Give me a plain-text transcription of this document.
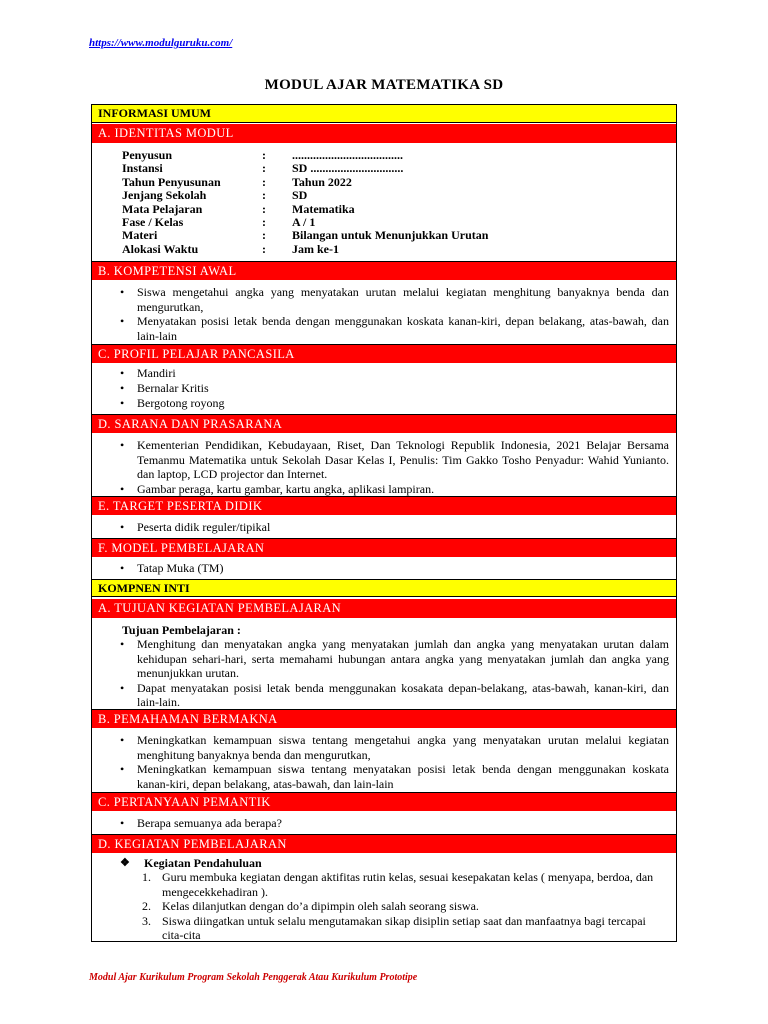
https://www.modulguruku.com/
MODUL AJAR MATEMATIKA SD
INFORMASI UMUM
A. IDENTITAS MODUL
Penyusun	: .....................................
Instansi	: SD ...............................
Tahun Penyusunan	: Tahun 2022
Jenjang Sekolah	: SD
Mata Pelajaran	: Matematika
Fase / Kelas	: A / 1
Materi	: Bilangan untuk Menunjukkan Urutan
Alokasi Waktu	: Jam ke-1
B. KOMPETENSI AWAL
• Siswa mengetahui angka yang menyatakan urutan melalui kegiatan menghitung banyaknya benda dan mengurutkan,
• Menyatakan posisi letak benda dengan menggunakan koskata kanan-kiri, depan belakang, atas-bawah, dan lain-lain
C. PROFIL PELAJAR PANCASILA
• Mandiri
• Bernalar Kritis
• Bergotong royong
D. SARANA DAN PRASARANA
• Kementerian Pendidikan, Kebudayaan, Riset, Dan Teknologi Republik Indonesia, 2021 Belajar Bersama Temanmu Matematika untuk Sekolah Dasar Kelas I, Penulis: Tim Gakko Tosho Penyadur: Wahid Yunianto. dan laptop, LCD projector dan Internet.
• Gambar peraga, kartu gambar, kartu angka, aplikasi lampiran.
E. TARGET PESERTA DIDIK
• Peserta didik reguler/tipikal
F. MODEL PEMBELAJARAN
• Tatap Muka (TM)
KOMPNEN INTI
A. TUJUAN KEGIATAN PEMBELAJARAN
Tujuan Pembelajaran :
• Menghitung dan menyatakan angka yang menyatakan jumlah dan angka yang menyatakan urutan dalam kehidupan sehari-hari, serta memahami hubungan antara angka yang menyatakan jumlah dan angka yang menunjukkan urutan.
• Dapat menyatakan posisi letak benda menggunakan kosakata depan-belakang, atas-bawah, kanan-kiri, dan lain-lain.
B. PEMAHAMAN BERMAKNA
• Meningkatkan kemampuan siswa tentang mengetahui angka yang menyatakan urutan melalui kegiatan menghitung banyaknya benda dan mengurutkan,
• Meningkatkan kemampuan siswa tentang menyatakan posisi letak benda dengan menggunakan koskata kanan-kiri, depan belakang, atas-bawah, dan lain-lain
C. PERTANYAAN PEMANTIK
• Berapa semuanya ada berapa?
D. KEGIATAN PEMBELAJARAN
❖ Kegiatan Pendahuluan
1. Guru membuka kegiatan dengan aktifitas rutin kelas, sesuai kesepakatan kelas ( menyapa, berdoa, dan mengecekkehadiran ).
2. Kelas dilanjutkan dengan do’a dipimpin oleh salah seorang siswa.
3. Siswa diingatkan untuk selalu mengutamakan sikap disiplin setiap saat dan manfaatnya bagi tercapai cita-cita
Modul Ajar Kurikulum Program Sekolah Penggerak Atau Kurikulum Prototipe
